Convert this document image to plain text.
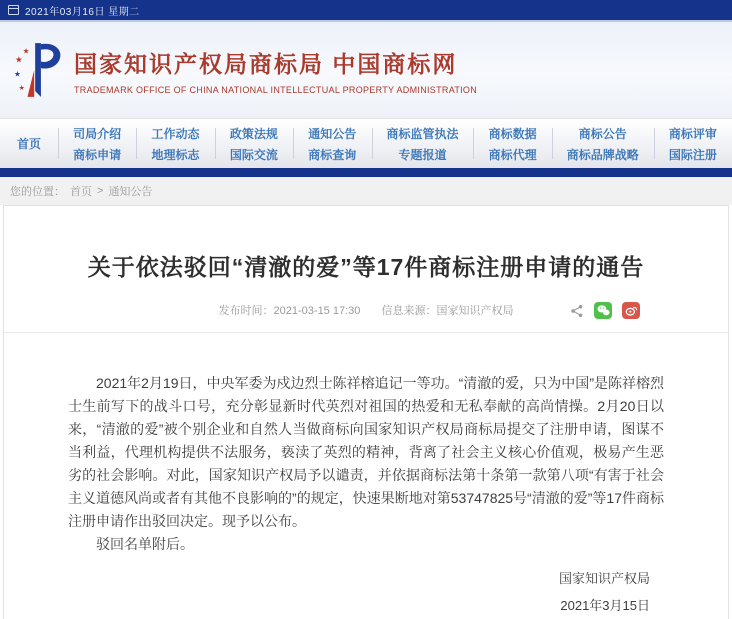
2021年03月16日 星期二
★
★
★
★
国家知识产权局商标局 中国商标网
TRADEMARK OFFICE OF CHINA NATIONAL INTELLECTUAL PROPERTY ADMINISTRATION
首页
司局介绍
商标申请
工作动态
地理标志
政策法规
国际交流
通知公告
商标查询
商标监管执法
专题报道
商标数据
商标代理
商标公告
商标品牌战略
商标评审
国际注册
您的位置： 首页 > 通知公告
关于依法驳回“清澈的爱”等17件商标注册申请的通告
发布时间：2021-03-15 17:30 信息来源：国家知识产权局

2021年2月19日，中央军委为戍边烈士陈祥榕追记一等功。“清澈的爱，只为中国”是陈祥榕烈士生前写下的战斗口号，充分彰显新时代英烈对祖国的热爱和无私奉献的高尚情操。2月20日以来，“清澈的爱”被个别企业和自然人当做商标向国家知识产权局商标局提交了注册申请，图谋不当利益，代理机构提供不法服务，亵渎了英烈的精神，背离了社会主义核心价值观，极易产生恶劣的社会影响。对此，国家知识产权局予以谴责，并依据商标法第十条第一款第八项“有害于社会主义道德风尚或者有其他不良影响的”的规定，快速果断地对第53747825号“清澈的爱”等17件商标注册申请作出驳回决定。现予以公布。

驳回名单附后。

国家知识产权局
2021年3月15日
